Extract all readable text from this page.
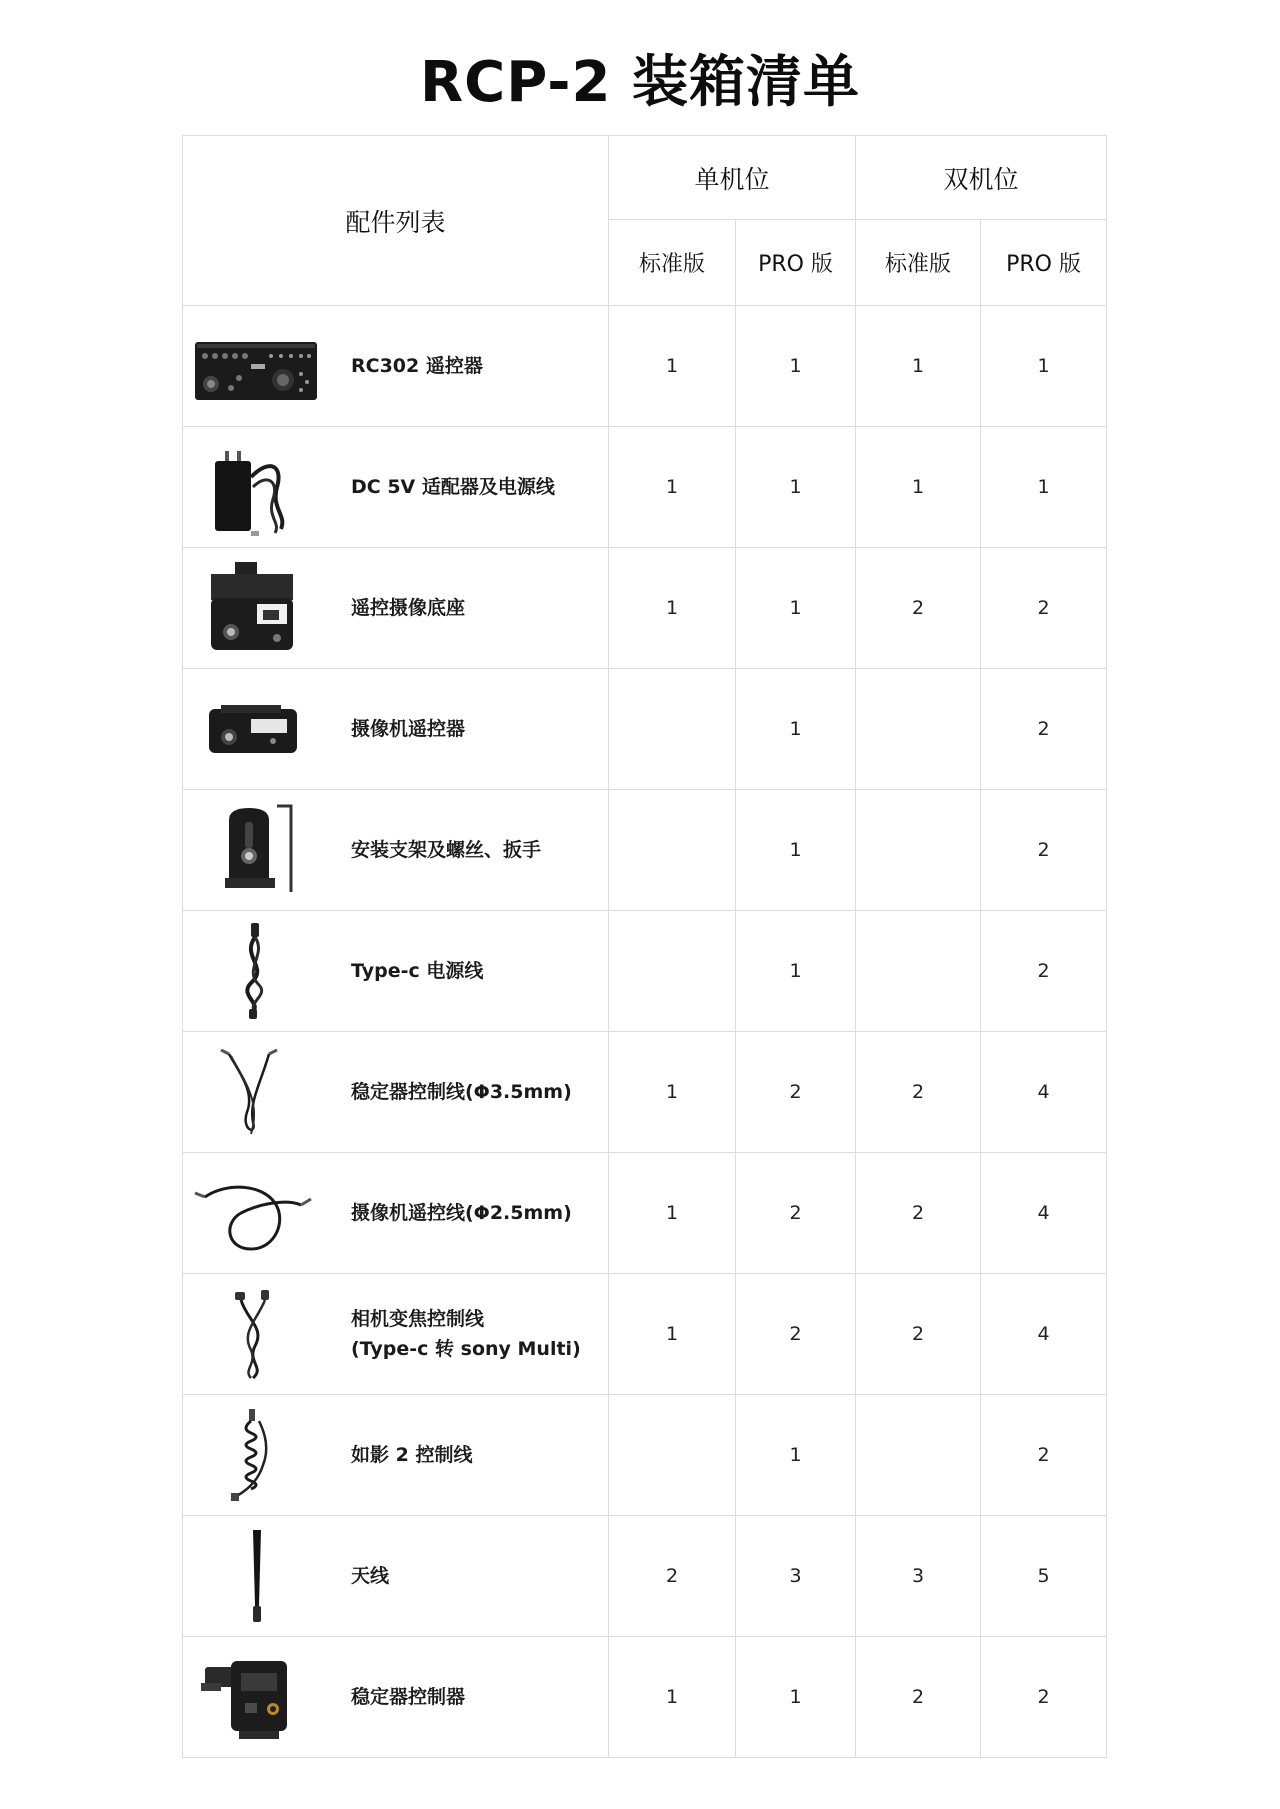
RCP-2 装箱清单
配件列表	单机位		双机位	
	标准版	PRO 版	标准版	PRO 版

RC302 遥控器	1	1	1	1

DC 5V 适配器及电源线	1	1	1	1

遥控摄像底座	1	1	2	2

摄像机遥控器		1		2

安装支架及螺丝、扳手		1		2

Type-c 电源线		1		2

稳定器控制线(Φ3.5mm)	1	2	2	4

摄像机遥控线(Φ2.5mm)	1	2	2	4

相机变焦控制线
(Type-c 转 sony Multi)	1	2	2	4

如影 2 控制线		1		2

天线	2	3	3	5

稳定器控制器	1	1	2	2
